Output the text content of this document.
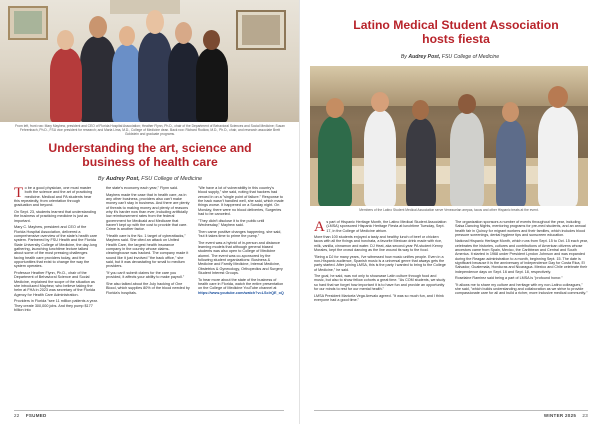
From left, front row: Mary Mayhew, president and CEO of Florida Hospital Association; Heather Flynn, Ph.D., chair of the Department of Behavioral Sciences and Social Medicine; Susan Fehrenbach, Ph.D., FSU vice president for research; and Maria Lima, M.D., College of Medicine dean. Back row: Richard Rudlow, M.D., Ph.D., chair, and research associate Brett Goldstein and graduate programs.
Understanding the art, science and business of health care
By Audrey Post, FSU College of Medicine

To be a good physician, one must master both the science and the art of practicing medicine. Medical and PA students hear this repeatedly, from orientation through graduation and beyond.

On Sept. 23, students learned that understanding the business of practicing medicine is just as important.

Mary C. Mayhew, president and CEO of the Florida Hospital Association, delivered a comprehensive overview of the state's health care system. Partnered by FSU Health and the Florida State University College of Medicine, the day-long gathering, launching lunchtime lecture talked about some of the most pressing challenges facing health care providers today, and the opportunities that exist to change the way the system operates.

Professor Heather Flynn, Ph.D., chair of the Department of Behavioral Science and Social Medicine, explained the scope of the situation as she introduced Mayhew, who believe taking the helm at FHA in 2023 was secretary of the Florida Agency for Health Care Administration.

Providers in Florida "see 11 million patients a year. They create 300,000 jobs. And they pump $177 billion into

the state's economy each year," Flynn said.

Mayhew made the case that in health care, as in any other business, providers also can't make money can't stay in business. And there are plenty of threats to making money and plenty of reasons why it's harder now than ever, including artificially low reimbursement rates from the federal government for Medicaid and Medicare that haven't kept up with the cost to provide that care. Crime is another factor.

"Health care is the No. 1 target of cyberattacks," Mayhew said. She cited an attack on United Health Care, the largest health insurance company in the country whose claims-clearinghouse was hacked. The company made it sound like it just involved "the back office," she said, but it was devastating for small to medium providers.

"If you can't submit claims for the care you provided, it affects your ability to make payroll."

She also talked about the July hacking of One Blood, which supplies 80% of the blood needed by Florida's hospitals.

"We have a lot of vulnerability in this country's blood supply," she said, noting that hackers had zeroed in on a "single point of failure." Response to the hack wasn't handled well, she said, which made things worse. It happened on a Sunday night. On Monday, there were no blood deliveries, Surgeries had to be canceled.

"They didn't disclose it to the public until Wednesday," Mayhew said.

Then came positive changes happening, she said, "but it takes time to prime the pump."

The event was a hybrid of in-person and distance learning models that although general biased students was also open to College of Medicine alumni. The event was co-sponsored by the following student organizations: Business & Medicine and Family Medicine, Internal Medicine, Obstetrics & Gynecology, Orthopedics and Surgery Student Interest Groups.

To hear more about the state of the business of health care in Florida, watch the entire presentation on the College of Medicine YouTube channel at https://www.youtube.com/watch?v=LSclrQE_oQ

22 FSUMED
Latino Medical Student Association hosts fiesta
By Audrey Post, FSU College of Medicine
Members of the Latino Student Medical Association serve Venezuelan arepas, tacos and other Hispanic treats at the event.

As part of Hispanic Heritage Month, the Latino Medical Student Association (LMSA) sponsored Hispanic Heritage Fiesta at lunchtime Tuesday, Sept. 17, in the College of Medicine atrium.

More than 100 students enjoyed a tasty and healthy lunch of beef or chicken tacos with all the fixings and horchata, a favorite Mexican drink made with rice, milk, vanilla, cinnamon and water. DJ Heat, aka second-year PA student Kenny Morales, kept the crowd dancing as the line wound its way to the food.

"Being a DJ for many years, I've witnessed how music unifies people. Even in a non-Hispanic audience, Spanish music is a universal genre that always gets the party started. After joining LMSA, this is the party I wanted to bring to the College of Medicine," he said.

The goal, he said, was not only to showcase Latin culture through food and music, but also to show fellow cohorts a great time. "As COM students, we study so hard that we forget how important it is to have fun and provide an opportunity for our minds to rest for our mental health."

LMSA President Maricela Vega Arevalo agreed. "It was so much fun, and I think everyone had a good time."

The organization sponsors a number of events throughout the year, including Salsa Dancing Nights, mentoring programs for pre-med students, and an annual health fair in Quincy for migrant workers and their families, which includes blood pressure screenings, dental hygiene tips and sunscreen education.

National Hispanic Heritage Month, which runs from Sept. 15 to Oct. 15 each year, celebrates the histories, cultures and contributions of American citizens whose ancestors came from Spain, Mexico, the Caribbean and Central and South America. It started in 1968 under President Lyndon Johnson and was expanded during the Reagan administration to a month, beginning Sept. 15. The date is significant because it is the anniversary of independence Day for Costa Rica, El Salvador, Guatemala, Honduras and Nicaragua. Mexico and Chile celebrate their independence days on Sept. 16 and Sept. 18, respectively.

Roselaine Ramirez said being a part of LMSA is "profound honor."

"It allows me to share my culture and heritage with my non-Latino colleagues," she said, "which builds understanding and collaboration as we strive to provide compassionate care for all and build a richer, more inclusive medical community."

WINTER 2025 23
